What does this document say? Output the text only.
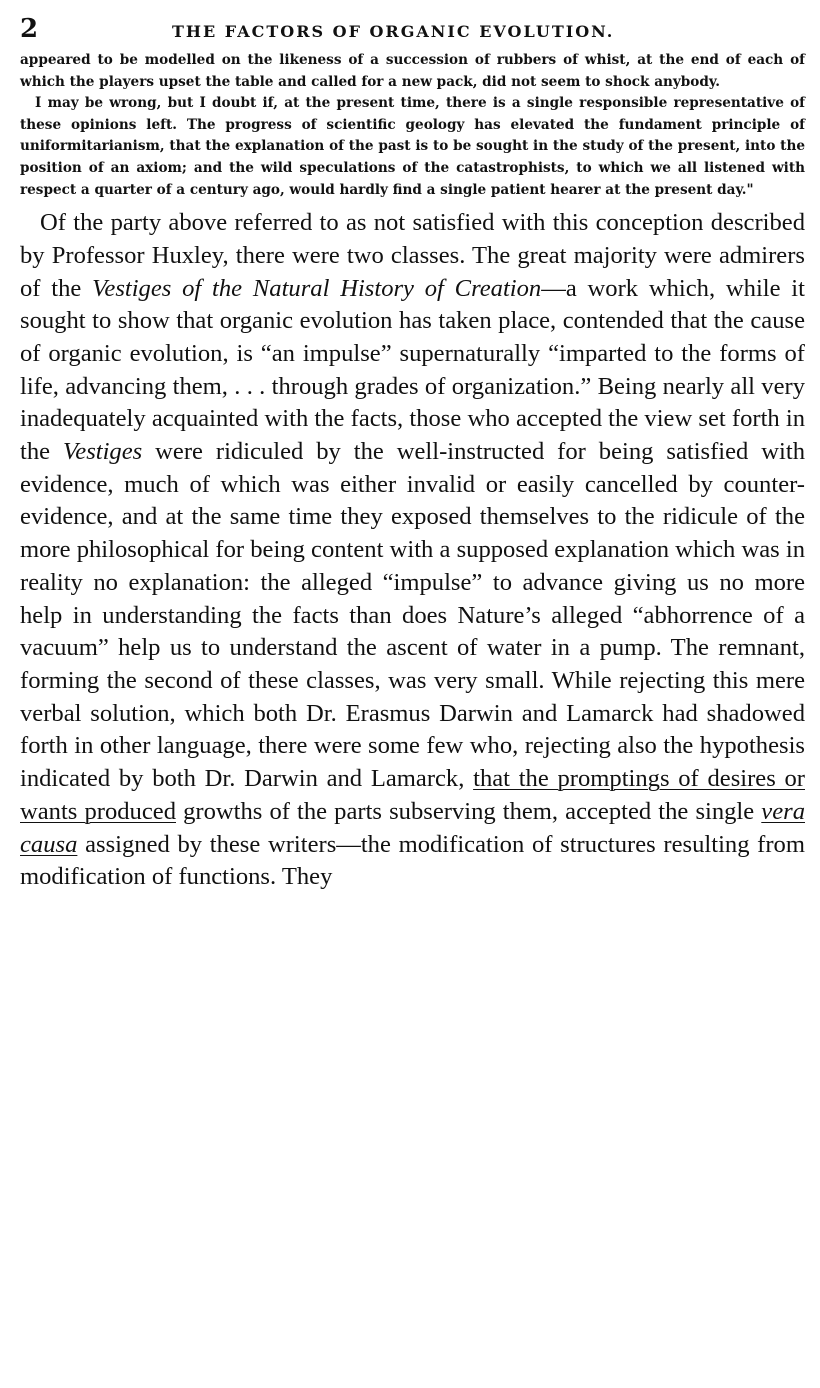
2	THE FACTORS OF ORGANIC EVOLUTION.

appeared to be modelled on the likeness of a succession of rubbers of whist, at the end of each of which the players upset the table and called for a new pack, did not seem to shock anybody.

I may be wrong, but I doubt if, at the present time, there is a single responsible representative of these opinions left. The progress of scientific geology has elevated the fundament principle of uniformitarianism, that the explanation of the past is to be sought in the study of the present, into the position of an axiom; and the wild speculations of the catastrophists, to which we all listened with respect a quarter of a century ago, would hardly find a single patient hearer at the present day."

Of the party above referred to as not satisfied with this conception described by Professor Huxley, there were two classes. The great majority were admirers of the Vestiges of the Natural History of Creation—a work which, while it sought to show that organic evolution has taken place, contended that the cause of organic evolution, is “an impulse” supernaturally “imparted to the forms of life, advancing them, . . . through grades of organization.” Being nearly all very inadequately acquainted with the facts, those who accepted the view set forth in the Vestiges were ridiculed by the well-instructed for being satisfied with evidence, much of which was either invalid or easily cancelled by counter-evidence, and at the same time they exposed themselves to the ridicule of the more philosophical for being content with a supposed explanation which was in reality no explanation: the alleged “impulse” to advance giving us no more help in understanding the facts than does Nature’s alleged “abhorrence of a vacuum” help us to understand the ascent of water in a pump. The remnant, forming the second of these classes, was very small. While rejecting this mere verbal solution, which both Dr. Erasmus Darwin and Lamarck had shadowed forth in other language, there were some few who, rejecting also the hypothesis indicated by both Dr. Darwin and Lamarck, that the promptings of desires or wants produced growths of the parts subserving them, accepted the single vera causa assigned by these writers—the modification of structures resulting from modification of functions. They
